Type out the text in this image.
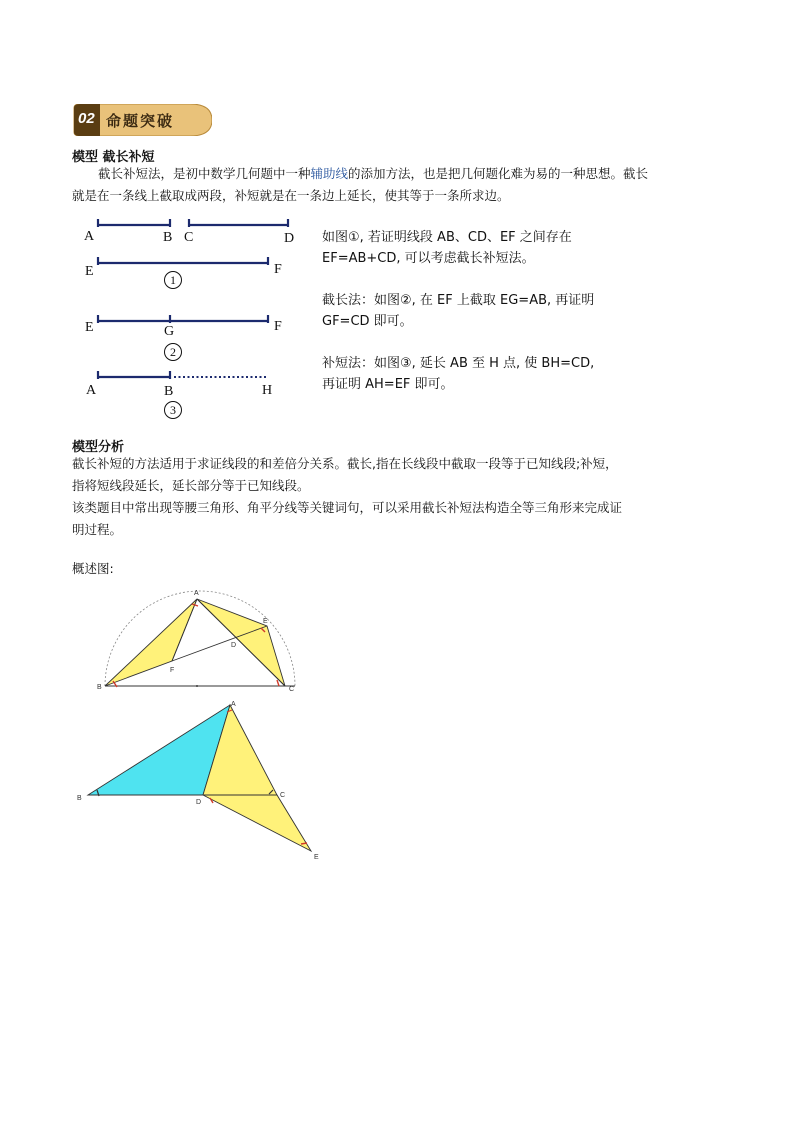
02 命题突破
模型 截长补短
截长补短法，是初中数学几何题中一种辅助线的添加方法，也是把几何题化难为易的一种思想。截长
就是在一条线上截取成两段，补短就是在一条边上延长，使其等于一条所求边。
A	B C	D
E	F
1
E	G	F
2
A	B	H
3
如图①, 若证明线段 AB、CD、EF 之间存在
EF=AB+CD, 可以考虑截长补短法。
截长法：如图②, 在 EF 上截取 EG=AB, 再证明
GF=CD 即可。
补短法：如图③, 延长 AB 至 H 点, 使 BH=CD,
再证明 AH=EF 即可。
模型分析
截长补短的方法适用于求证线段的和差倍分关系。截长,指在长线段中截取一段等于已知线段;补短，
指将短线段延长，延长部分等于已知线段。
该类题目中常出现等腰三角形、角平分线等关键词句，可以采用截长补短法构造全等三角形来完成证
明过程。
概述图:
A
B	C
D
E
F
A
B	C
D
E
